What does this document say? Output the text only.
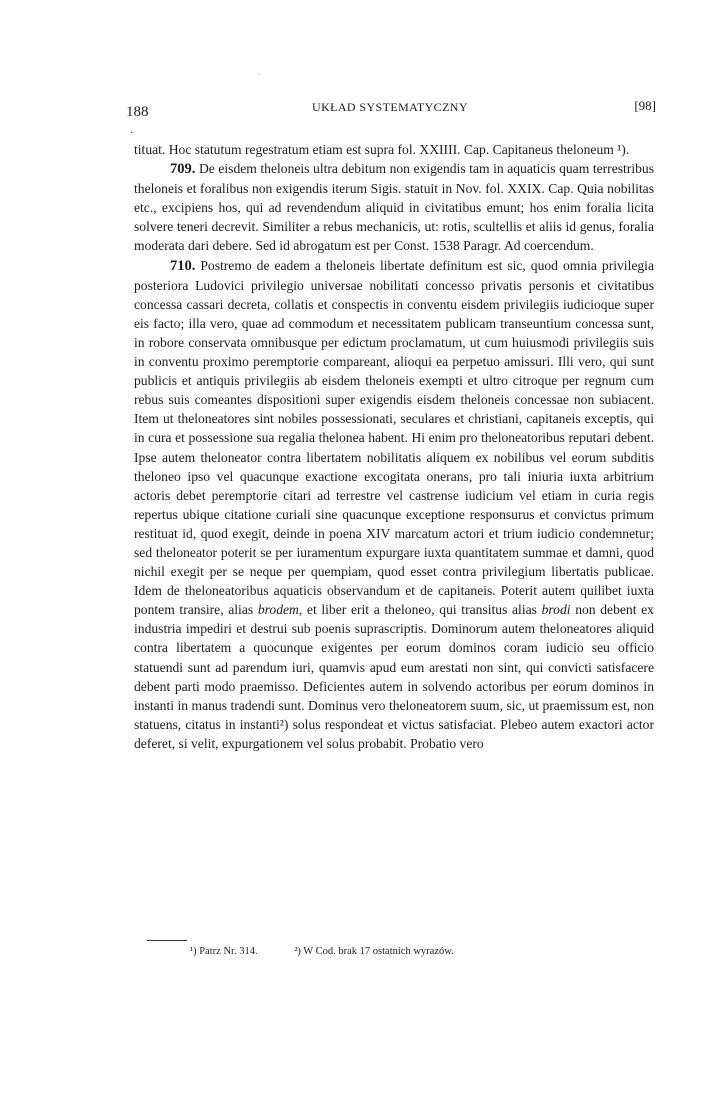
ˊ
188	UKŁAD SYSTEMATYCZNY	[98]
·

tituat. Hoc statutum regestratum etiam est supra fol. XXIIII. Cap. Capitaneus theloneum ¹).

709. De eisdem theloneis ultra debitum non exigendis tam in aquaticis quam terrestribus theloneis et foralibus non exigendis iterum Sigis. statuit in Nov. fol. XXIX. Cap. Quia nobilitas etc., excipiens hos, qui ad revendendum aliquid in civitatibus emunt; hos enim foralia licita solvere teneri decrevit. Similiter a rebus mechanicis, ut: rotis, scultellis et aliis id genus, foralia moderata dari debere. Sed id abrogatum est per Const. 1538 Paragr. Ad coercendum.

710. Postremo de eadem a theloneis libertate definitum est sic, quod omnia privilegia posteriora Ludovici privilegio universae nobilitati concesso privatis personis et civitatibus concessa cassari decreta, collatis et conspectis in conventu eisdem privilegiis iudicioque super eis facto; illa vero, quae ad commodum et necessitatem publicam transeuntium concessa sunt, in robore conservata omnibusque per edictum proclamatum, ut cum huiusmodi privilegiis suis in conventu proximo peremptorie compareant, alioqui ea perpetuo amissuri. Illi vero, qui sunt publicis et antiquis privilegiis ab eisdem theloneis exempti et ultro citroque per regnum cum rebus suis comeantes dispositioni super exigendis eisdem theloneis concessae non subiacent. Item ut theloneatores sint nobiles possessionati, seculares et christiani, capitaneis exceptis, qui in cura et possessione sua regalia thelonea habent. Hi enim pro theloneatoribus reputari debent. Ipse autem theloneator contra libertatem nobilitatis aliquem ex nobilibus vel eorum subditis theloneo ipso vel quacunque exactione excogitata onerans, pro tali iniuria iuxta arbitrium actoris debet peremptorie citari ad terrestre vel castrense iudicium vel etiam in curia regis repertus ubique citatione curiali sine quacunque exceptione responsurus et convictus primum restituat id, quod exegit, deinde in poena XIV marcatum actori et trium iudicio condemnetur; sed theloneator poterit se per iuramentum expurgare iuxta quantitatem summae et damni, quod nichil exegit per se neque per quempiam, quod esset contra privilegium libertatis publicae. Idem de theloneatoribus aquaticis observandum et de capitaneis. Poterit autem quilibet iuxta pontem transire, alias brodem, et liber erit a theloneo, qui transitus alias brodi non debent ex industria impediri et destrui sub poenis suprascriptis. Dominorum autem theloneatores aliquid contra libertatem a quocunque exigentes per eorum dominos coram iudicio seu officio statuendi sunt ad parendum iuri, quamvis apud eum arestati non sint, qui convicti satisfacere debent parti modo praemisso. Deficientes autem in solvendo actoribus per eorum dominos in instanti in manus tradendi sunt. Dominus vero theloneatorem suum, sic, ut praemissum est, non statuens, citatus in instanti²) solus respondeat et victus satisfaciat. Plebeo autem exactori actor deferet, si velit, expurgationem vel solus probabit. Probatio vero

¹) Patrz Nr. 314.	²) W Cod. brak 17 ostatnich wyrazów.
